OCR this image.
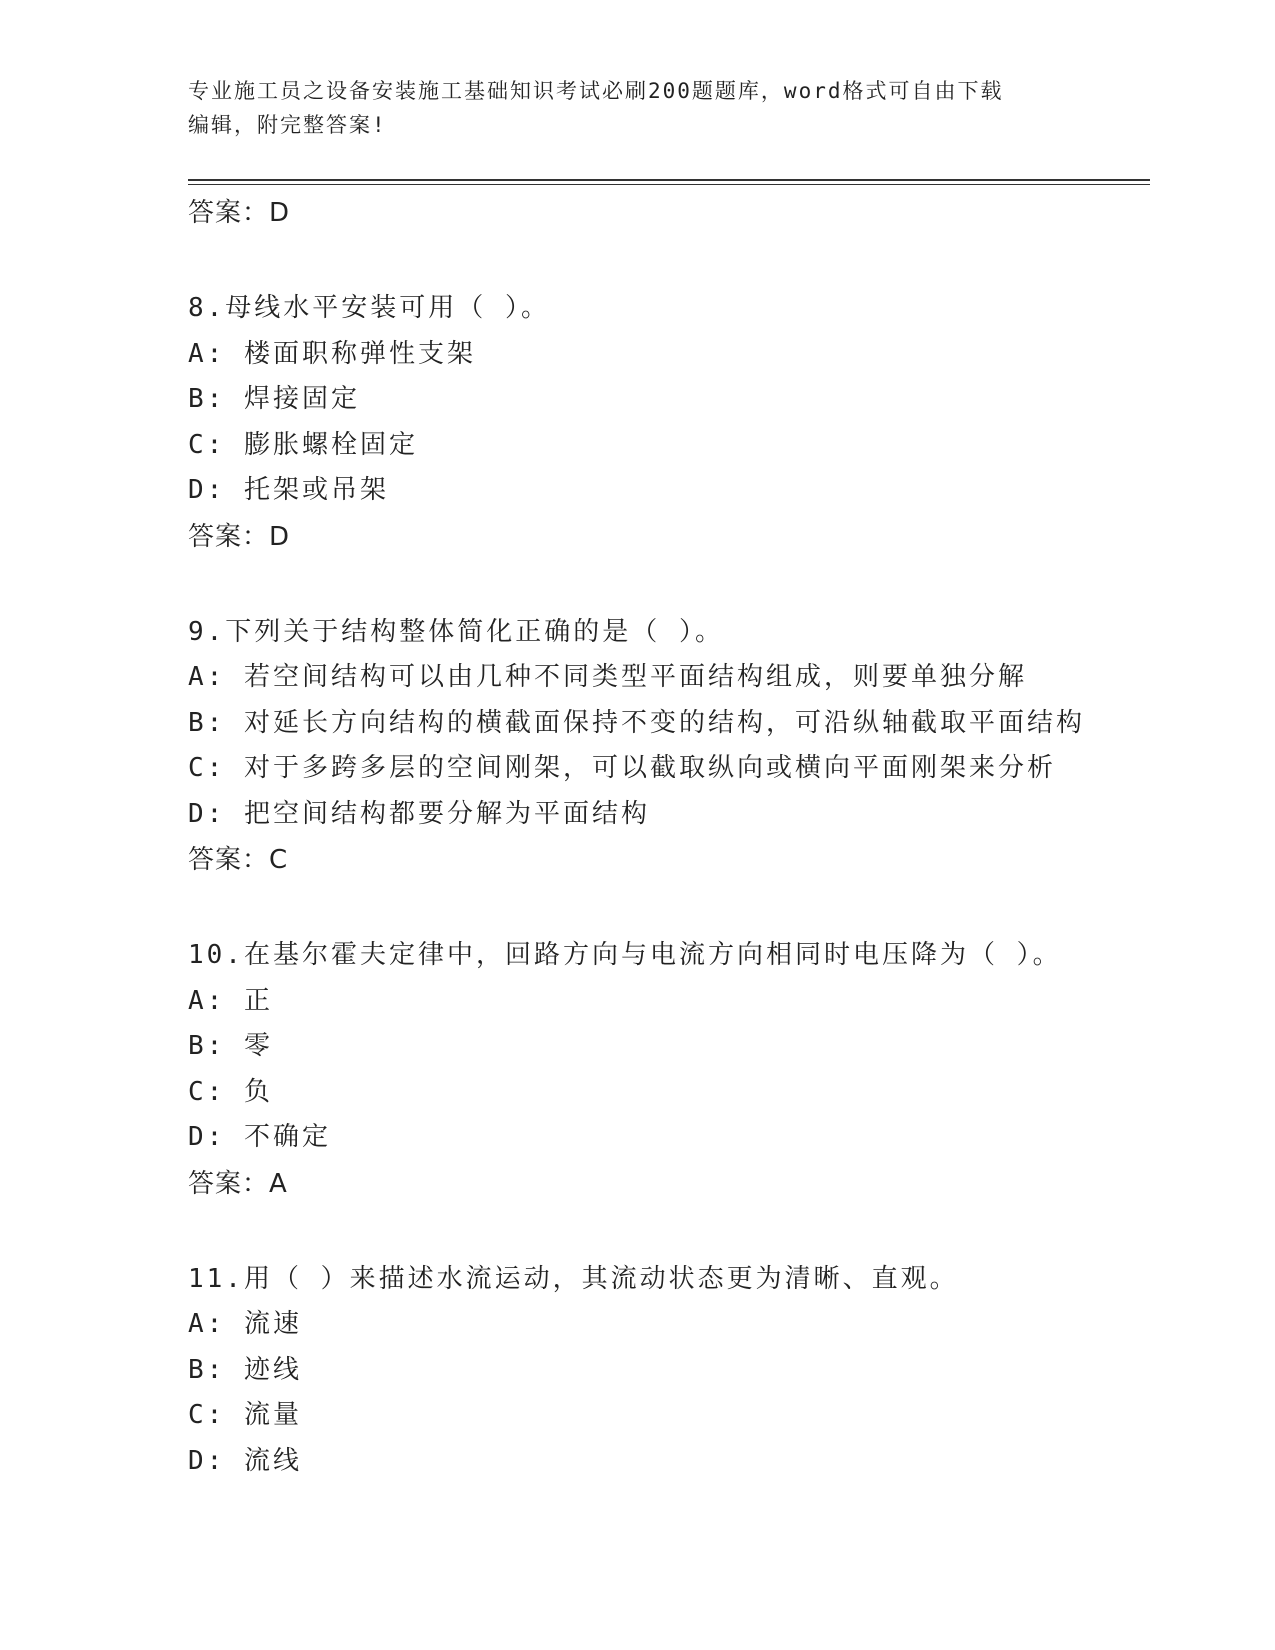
专业施工员之设备安装施工基础知识考试必刷200题题库，word格式可自由下载
编辑，附完整答案!
答案：D
8.母线水平安装可用（ ）。
A: 楼面职称弹性支架
B: 焊接固定
C: 膨胀螺栓固定
D: 托架或吊架
答案：D
9.下列关于结构整体简化正确的是（ ）。
A: 若空间结构可以由几种不同类型平面结构组成，则要单独分解
B: 对延长方向结构的横截面保持不变的结构，可沿纵轴截取平面结构
C: 对于多跨多层的空间刚架，可以截取纵向或横向平面刚架来分析
D: 把空间结构都要分解为平面结构
答案：C
10.在基尔霍夫定律中，回路方向与电流方向相同时电压降为（ ）。
A: 正
B: 零
C: 负
D: 不确定
答案：A
11.用（ ）来描述水流运动，其流动状态更为清晰、直观。
A: 流速
B: 迹线
C: 流量
D: 流线
